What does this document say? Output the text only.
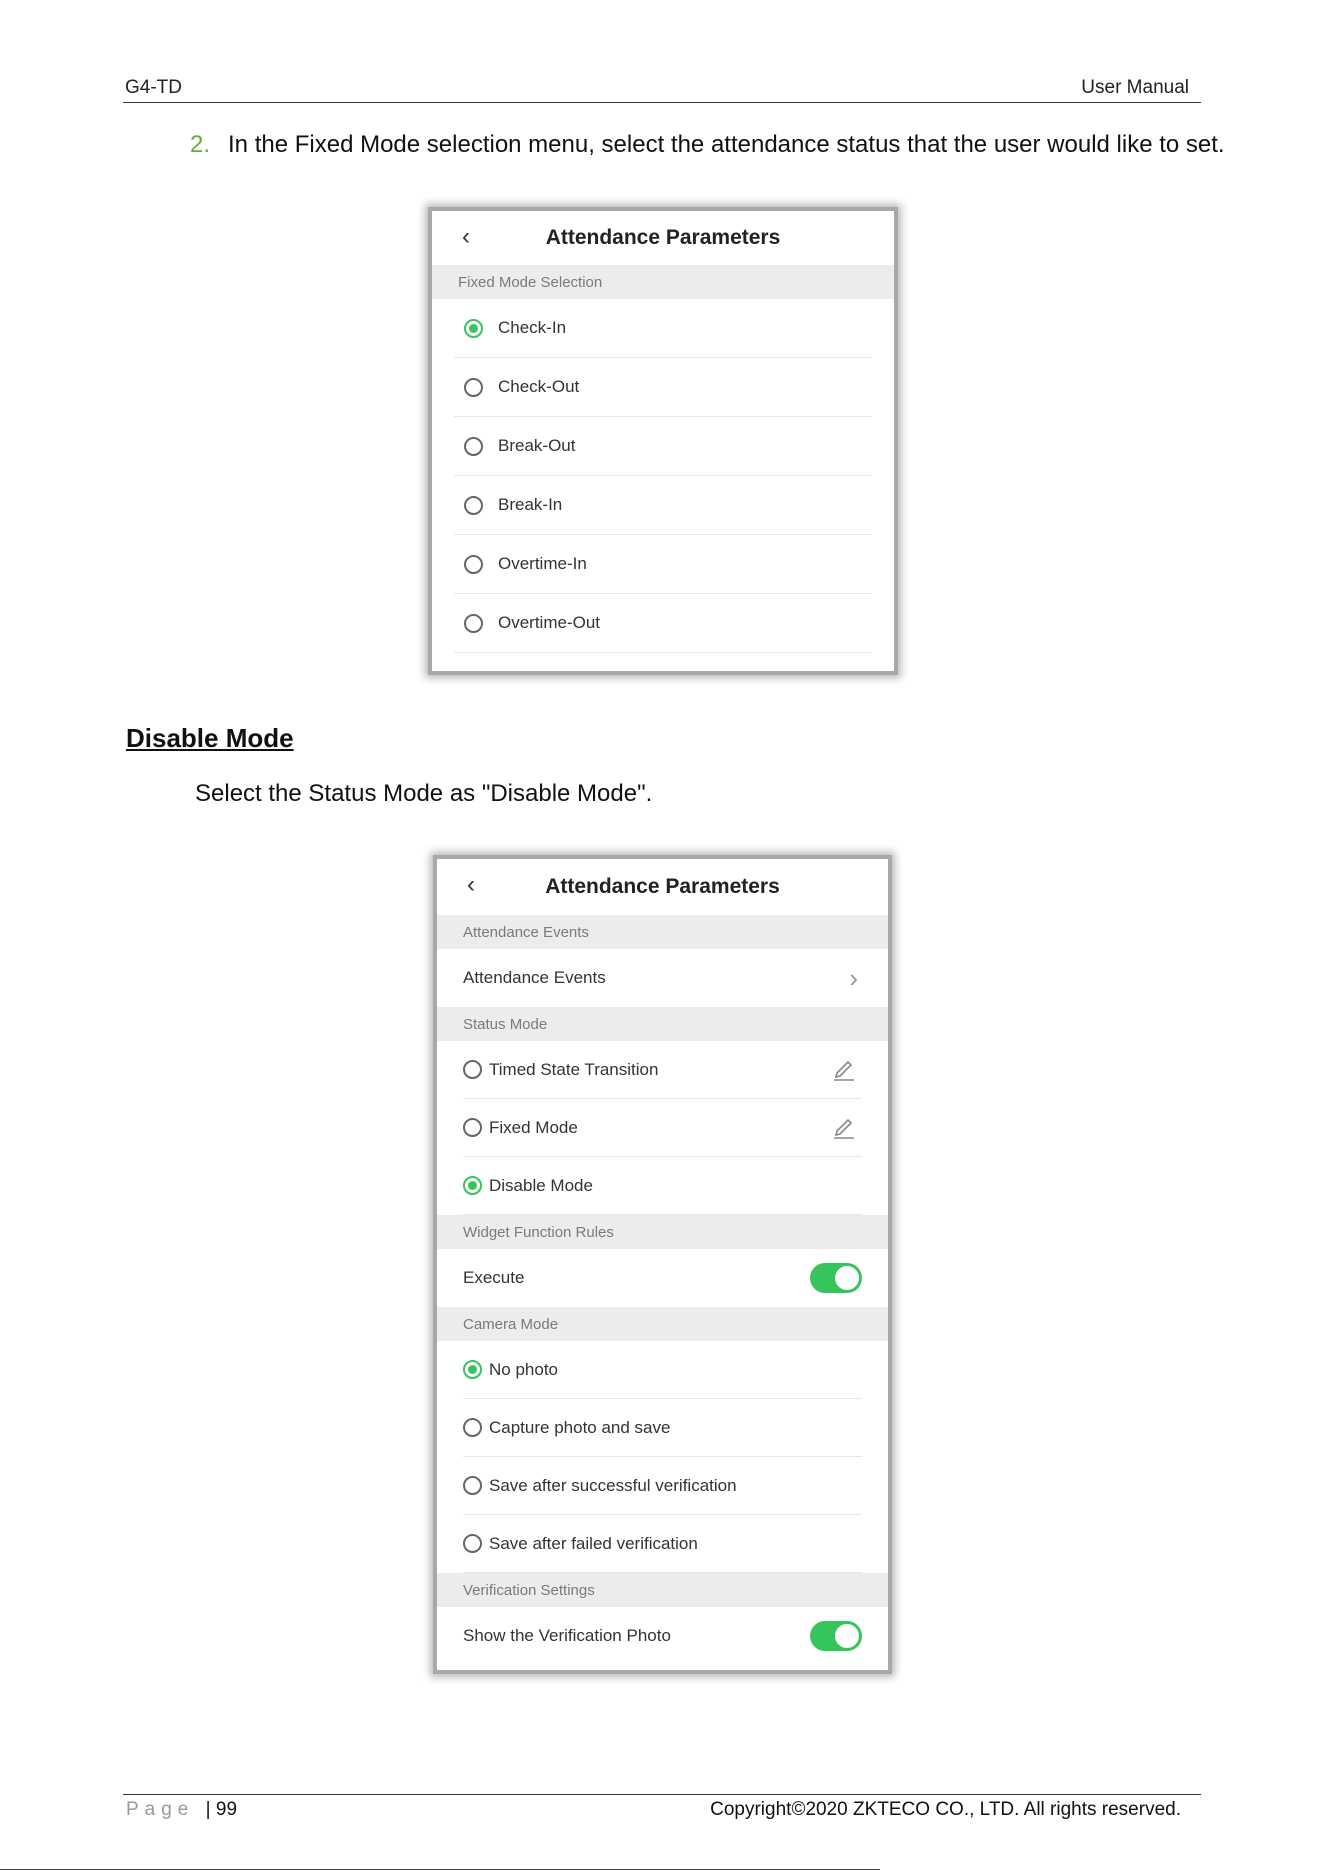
G4-TD	User Manual
2. In the Fixed Mode selection menu, select the attendance status that the user would like to set.
‹	Attendance Parameters
Fixed Mode Selection
Check-In
Check-Out
Break-Out
Break-In
Overtime-In
Overtime-Out
Disable Mode
Select the Status Mode as "Disable Mode".
‹	Attendance Parameters
Attendance Events
Attendance Events	›
Status Mode
Timed State Transition
Fixed Mode
Disable Mode
Widget Function Rules
Execute
Camera Mode
No photo
Capture photo and save
Save after successful verification
Save after failed verification
Verification Settings
Show the Verification Photo
Page | 99	Copyright©2020 ZKTECO CO., LTD. All rights reserved.
